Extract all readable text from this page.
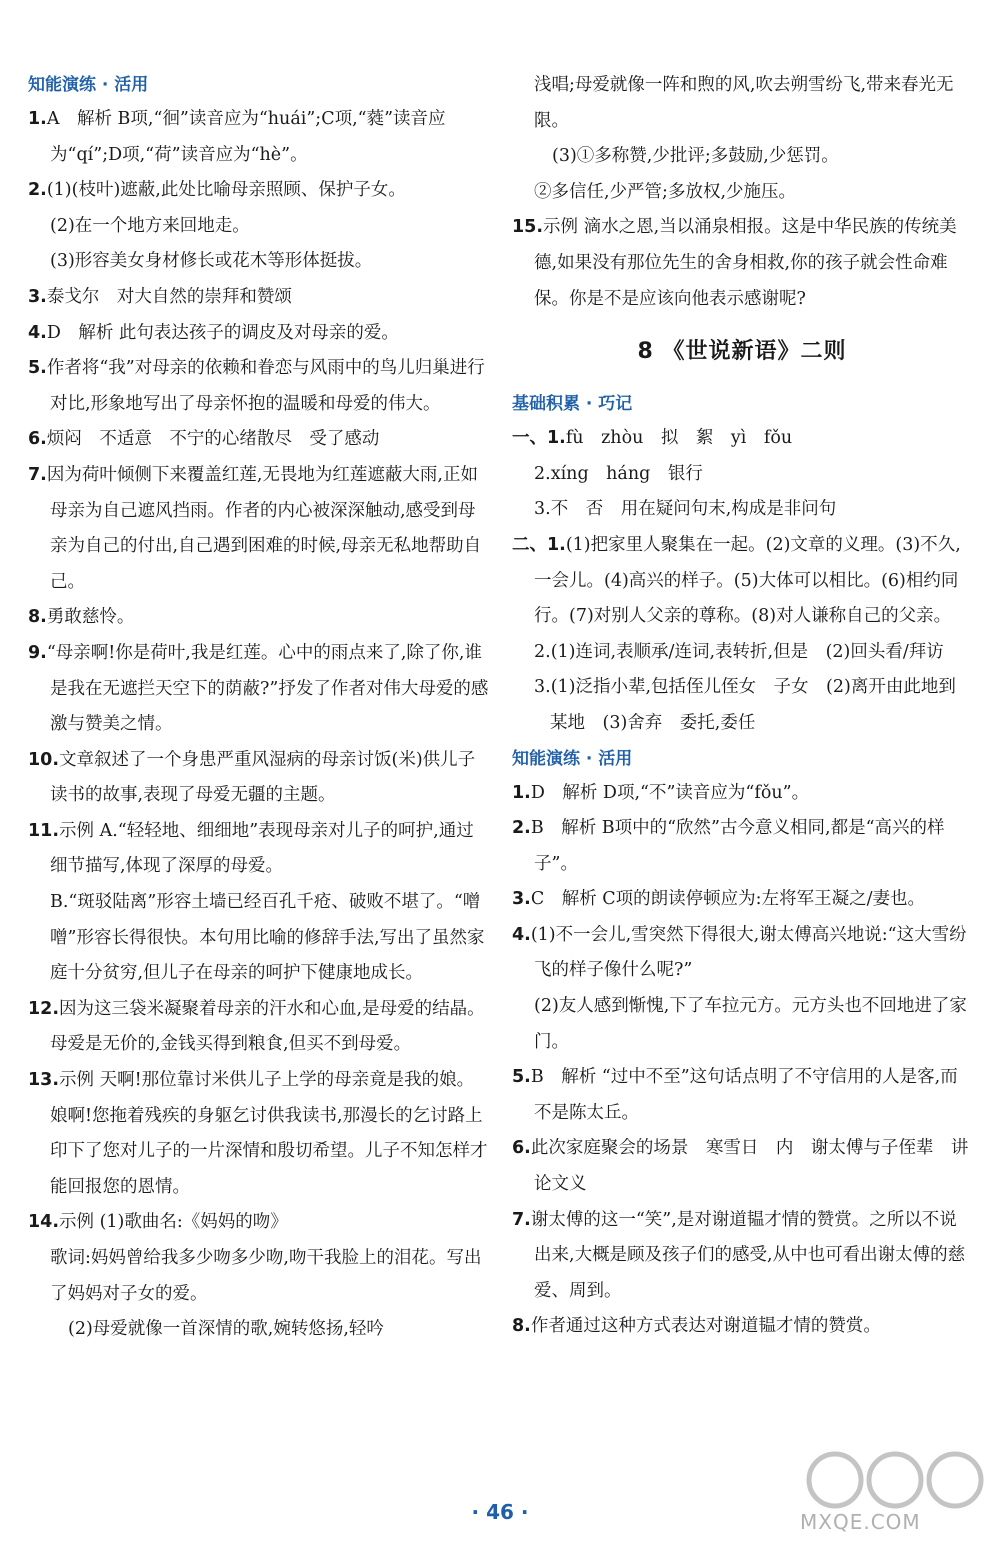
知能演练 · 活用
1.A　解析 B项,“徊”读音应为“huái”;C项,“蕤”读音应为“qí”;D项,“荷”读音应为“hè”。
2.(1)(枝叶)遮蔽,此处比喻母亲照顾、保护子女。
(2)在一个地方来回地走。
(3)形容美女身材修长或花木等形体挺拔。
3.泰戈尔　对大自然的崇拜和赞颂
4.D　解析 此句表达孩子的调皮及对母亲的爱。
5.作者将“我”对母亲的依赖和眷恋与风雨中的鸟儿归巢进行对比,形象地写出了母亲怀抱的温暖和母爱的伟大。
6.烦闷　不适意　不宁的心绪散尽　受了感动
7.因为荷叶倾侧下来覆盖红莲,无畏地为红莲遮蔽大雨,正如母亲为自己遮风挡雨。作者的内心被深深触动,感受到母亲为自己的付出,自己遇到困难的时候,母亲无私地帮助自己。
8.勇敢慈怜。
9.“母亲啊!你是荷叶,我是红莲。心中的雨点来了,除了你,谁是我在无遮拦天空下的荫蔽?”抒发了作者对伟大母爱的感激与赞美之情。
10.文章叙述了一个身患严重风湿病的母亲讨饭(米)供儿子读书的故事,表现了母爱无疆的主题。
11.示例 A.“轻轻地、细细地”表现母亲对儿子的呵护,通过细节描写,体现了深厚的母爱。
B.“斑驳陆离”形容土墙已经百孔千疮、破败不堪了。“噌噌”形容长得很快。本句用比喻的修辞手法,写出了虽然家庭十分贫穷,但儿子在母亲的呵护下健康地成长。
12.因为这三袋米凝聚着母亲的汗水和心血,是母爱的结晶。母爱是无价的,金钱买得到粮食,但买不到母爱。
13.示例 天啊!那位靠讨米供儿子上学的母亲竟是我的娘。娘啊!您拖着残疾的身躯乞讨供我读书,那漫长的乞讨路上印下了您对儿子的一片深情和殷切希望。儿子不知怎样才能回报您的恩情。
14.示例 (1)歌曲名:《妈妈的吻》
歌词:妈妈曾给我多少吻多少吻,吻干我脸上的泪花。写出了妈妈对子女的爱。
(2)母爱就像一首深情的歌,婉转悠扬,轻吟
浅唱;母爱就像一阵和煦的风,吹去朔雪纷飞,带来春光无限。
(3)①多称赞,少批评;多鼓励,少惩罚。
②多信任,少严管;多放权,少施压。
15.示例 滴水之恩,当以涌泉相报。这是中华民族的传统美德,如果没有那位先生的舍身相救,你的孩子就会性命难保。你是不是应该向他表示感谢呢?
8 《世说新语》二则
基础积累 · 巧记
一、1.fù　zhòu　拟　絮　yì　fǒu
2.xíng　háng　银行
3.不　否　用在疑问句末,构成是非问句
二、1.(1)把家里人聚集在一起。(2)文章的义理。(3)不久,一会儿。(4)高兴的样子。(5)大体可以相比。(6)相约同行。(7)对别人父亲的尊称。(8)对人谦称自己的父亲。
2.(1)连词,表顺承/连词,表转折,但是　(2)回头看/拜访
3.(1)泛指小辈,包括侄儿侄女　子女　(2)离开由此地到某地　(3)舍弃　委托,委任
知能演练 · 活用
1.D　解析 D项,“不”读音应为“fǒu”。
2.B　解析 B项中的“欣然”古今意义相同,都是“高兴的样子”。
3.C　解析 C项的朗读停顿应为:左将军王凝之/妻也。
4.(1)不一会儿,雪突然下得很大,谢太傅高兴地说:“这大雪纷飞的样子像什么呢?”
(2)友人感到惭愧,下了车拉元方。元方头也不回地进了家门。
5.B　解析 “过中不至”这句话点明了不守信用的人是客,而不是陈太丘。
6.此次家庭聚会的场景　寒雪日　内　谢太傅与子侄辈　讲论文义
7.谢太傅的这一“笑”,是对谢道韫才情的赞赏。之所以不说出来,大概是顾及孩子们的感受,从中也可看出谢太傅的慈爱、周到。
8.作者通过这种方式表达对谢道韫才情的赞赏。
MXQE.COM
· 46 ·
